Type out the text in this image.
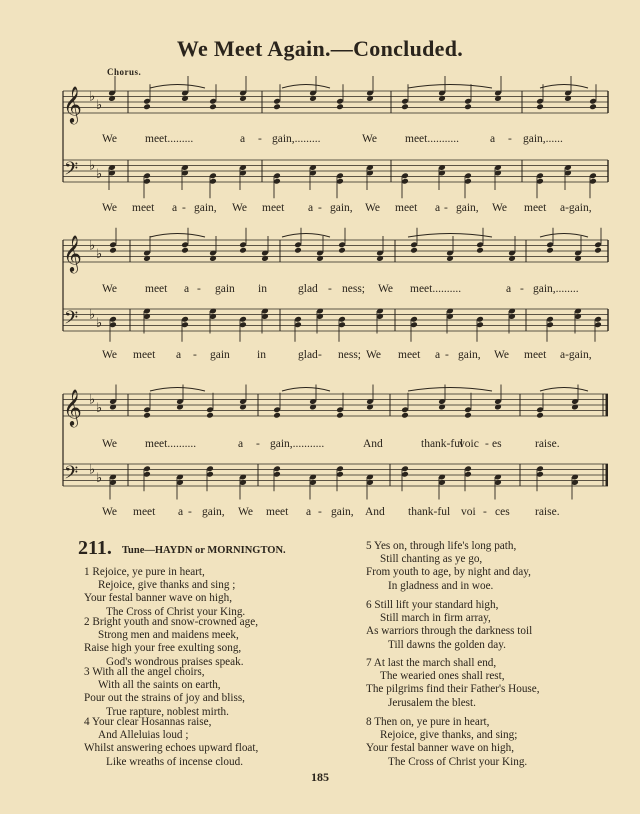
We Meet Again.—Concluded.
Chorus.
♭
♭
𝄞
♭
♭
𝄢
♭
♭
𝄞
♭
♭
𝄢
♭
♭
𝄞
♭
♭
𝄢
We meet.........	a - gain,.........	We meet...........	a - gain,......
We meet a - gain, We meet a - gain, We meet a - gain, We meet a-gain,
We meet a - gain in	glad - ness; We meet..........	a - gain,........
We meet a - gain in	glad - ness; We meet a - gain, We meet a-gain,
We meet..........	a - gain,...........	And	thank-ful
voic - es	raise.
We meet a - gain, We meet a - gain, And thank-ful voi - ces raise.
211. Tune—HAYDN or MORNINGTON.
1 Rejoice, ye pure in heart,
Rejoice, give thanks and sing ;
Your festal banner wave on high,
The Cross of Christ your King.
2 Bright youth and snow-crowned age,
Strong men and maidens meek,
Raise high your free exulting song,
God's wondrous praises speak.
3 With all the angel choirs,
With all the saints on earth,
Pour out the strains of joy and bliss,
True rapture, noblest mirth.
4 Your clear Hosannas raise,
And Alleluias loud ;
Whilst answering echoes upward float,
Like wreaths of incense cloud.
5 Yes on, through life's long path,
Still chanting as ye go,
From youth to age, by night and day,
In gladness and in woe.
6 Still lift your standard high,
Still march in firm array,
As warriors through the darkness toil
Till dawns the golden day.
7 At last the march shall end,
The wearied ones shall rest,
The pilgrims find their Father's House,
Jerusalem the blest.
8 Then on, ye pure in heart,
Rejoice, give thanks, and sing;
Your festal banner wave on high,
The Cross of Christ your King.
185
